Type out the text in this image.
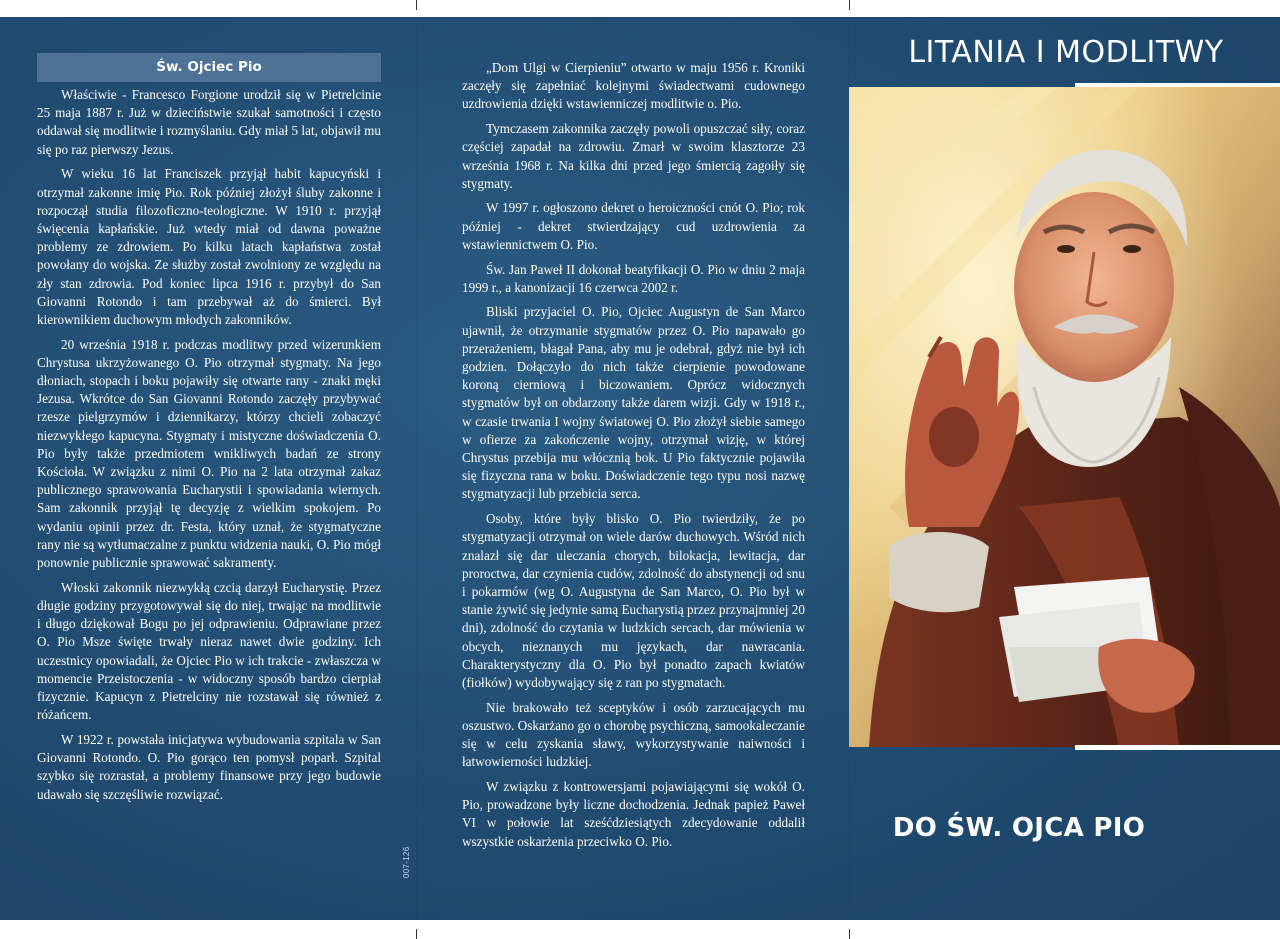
Św. Ojciec Pio

Właściwie - Francesco Forgione urodził się w Pietrelcinie 25 maja 1887 r. Już w dzieciństwie szukał samotności i często oddawał się modlitwie i rozmyślaniu. Gdy miał 5 lat, objawił mu się po raz pierwszy Jezus.

W wieku 16 lat Franciszek przyjął habit kapucyński i otrzymał zakonne imię Pio. Rok później złożył śluby zakonne i rozpoczął studia filozoficzno-teologiczne. W 1910 r. przyjął święcenia kapłańskie. Już wtedy miał od dawna poważne problemy ze zdrowiem. Po kilku latach kapłaństwa został powołany do wojska. Ze służby został zwolniony ze względu na zły stan zdrowia. Pod koniec lipca 1916 r. przybył do San Giovanni Rotondo i tam przebywał aż do śmierci. Był kierownikiem duchowym młodych zakonników.

20 września 1918 r. podczas modlitwy przed wizerunkiem Chrystusa ukrzyżowanego O. Pio otrzymał stygmaty. Na jego dłoniach, stopach i boku pojawiły się otwarte rany - znaki męki Jezusa. Wkrótce do San Giovanni Rotondo zaczęły przybywać rzesze pielgrzymów i dziennikarzy, którzy chcieli zobaczyć niezwykłego kapucyna. Stygmaty i mistyczne doświadczenia O. Pio były także przedmiotem wnikliwych badań ze strony Kościoła. W związku z nimi O. Pio na 2 lata otrzymał zakaz publicznego sprawowania Eucharystii i spowiadania wiernych. Sam zakonnik przyjął tę decyzję z wielkim spokojem. Po wydaniu opinii przez dr. Festa, który uznał, że stygmatyczne rany nie są wytłumaczalne z punktu widzenia nauki, O. Pio mógł ponownie publicznie sprawować sakramenty.

Włoski zakonnik niezwykłą czcią darzył Eucharystię. Przez długie godziny przygotowywał się do niej, trwając na modlitwie i długo dziękował Bogu po jej odprawieniu. Odprawiane przez O. Pio Msze święte trwały nieraz nawet dwie godziny. Ich uczestnicy opowiadali, że Ojciec Pio w ich trakcie - zwłaszcza w momencie Przeistoczenia - w widoczny sposób bardzo cierpiał fizycznie. Kapucyn z Pietrelciny nie rozstawał się również z różańcem.

W 1922 r. powstała inicjatywa wybudowania szpitala w San Giovanni Rotondo. O. Pio gorąco ten pomysł poparł. Szpital szybko się rozrastał, a problemy finansowe przy jego budowie udawało się szczęśliwie rozwiązać.

007-126

„Dom Ulgi w Cierpieniu” otwarto w maju 1956 r. Kroniki zaczęły się zapełniać kolejnymi świadectwami cudownego uzdrowienia dzięki wstawienniczej modlitwie o. Pio.

Tymczasem zakonnika zaczęły powoli opuszczać siły, coraz częściej zapadał na zdrowiu. Zmarł w swoim klasztorze 23 września 1968 r. Na kilka dni przed jego śmiercią zagoiły się stygmaty.

W 1997 r. ogłoszono dekret o heroiczności cnót O. Pio; rok później - dekret stwierdzający cud uzdrowienia za wstawiennictwem O. Pio.

Św. Jan Paweł II dokonał beatyfikacji O. Pio w dniu 2 maja 1999 r., a kanonizacji 16 czerwca 2002 r.

Bliski przyjaciel O. Pio, Ojciec Augustyn de San Marco ujawnił, że otrzymanie stygmatów przez O. Pio napawało go przerażeniem, błagał Pana, aby mu je odebrał, gdyż nie był ich godzien. Dołączyło do nich także cierpienie powodowane koroną cierniową i biczowaniem. Oprócz widocznych stygmatów był on obdarzony także darem wizji. Gdy w 1918 r., w czasie trwania I wojny światowej O. Pio złożył siebie samego w ofierze za zakończenie wojny, otrzymał wizję, w której Chrystus przebija mu włócznią bok. U Pio faktycznie pojawiła się fizyczna rana w boku. Doświadczenie tego typu nosi nazwę stygmatyzacji lub przebicia serca.

Osoby, które były blisko O. Pio twierdziły, że po stygmatyzacji otrzymał on wiele darów duchowych. Wśród nich znalazł się dar uleczania chorych, bilokacja, lewitacja, dar proroctwa, dar czynienia cudów, zdolność do abstynencji od snu i pokarmów (wg O. Augustyna de San Marco, O. Pio był w stanie żywić się jedynie samą Eucharystią przez przynajmniej 20 dni), zdolność do czytania w ludzkich sercach, dar mówienia w obcych, nieznanych mu językach, dar nawracania. Charakterystyczny dla O. Pio był ponadto zapach kwiatów (fiołków) wydobywający się z ran po stygmatach.

Nie brakowało też sceptyków i osób zarzucających mu oszustwo. Oskarżano go o chorobę psychiczną, samookaleczanie się w celu zyskania sławy, wykorzystywanie naiwności i łatwowierności ludzkiej.

W związku z kontrowersjami pojawiającymi się wokół O. Pio, prowadzone były liczne dochodzenia. Jednak papież Paweł VI w połowie lat sześćdziesiątych zdecydowanie oddalił wszystkie oskarżenia przeciwko O. Pio.

LITANIA I MODLITWY
DO ŚW. OJCA PIO
